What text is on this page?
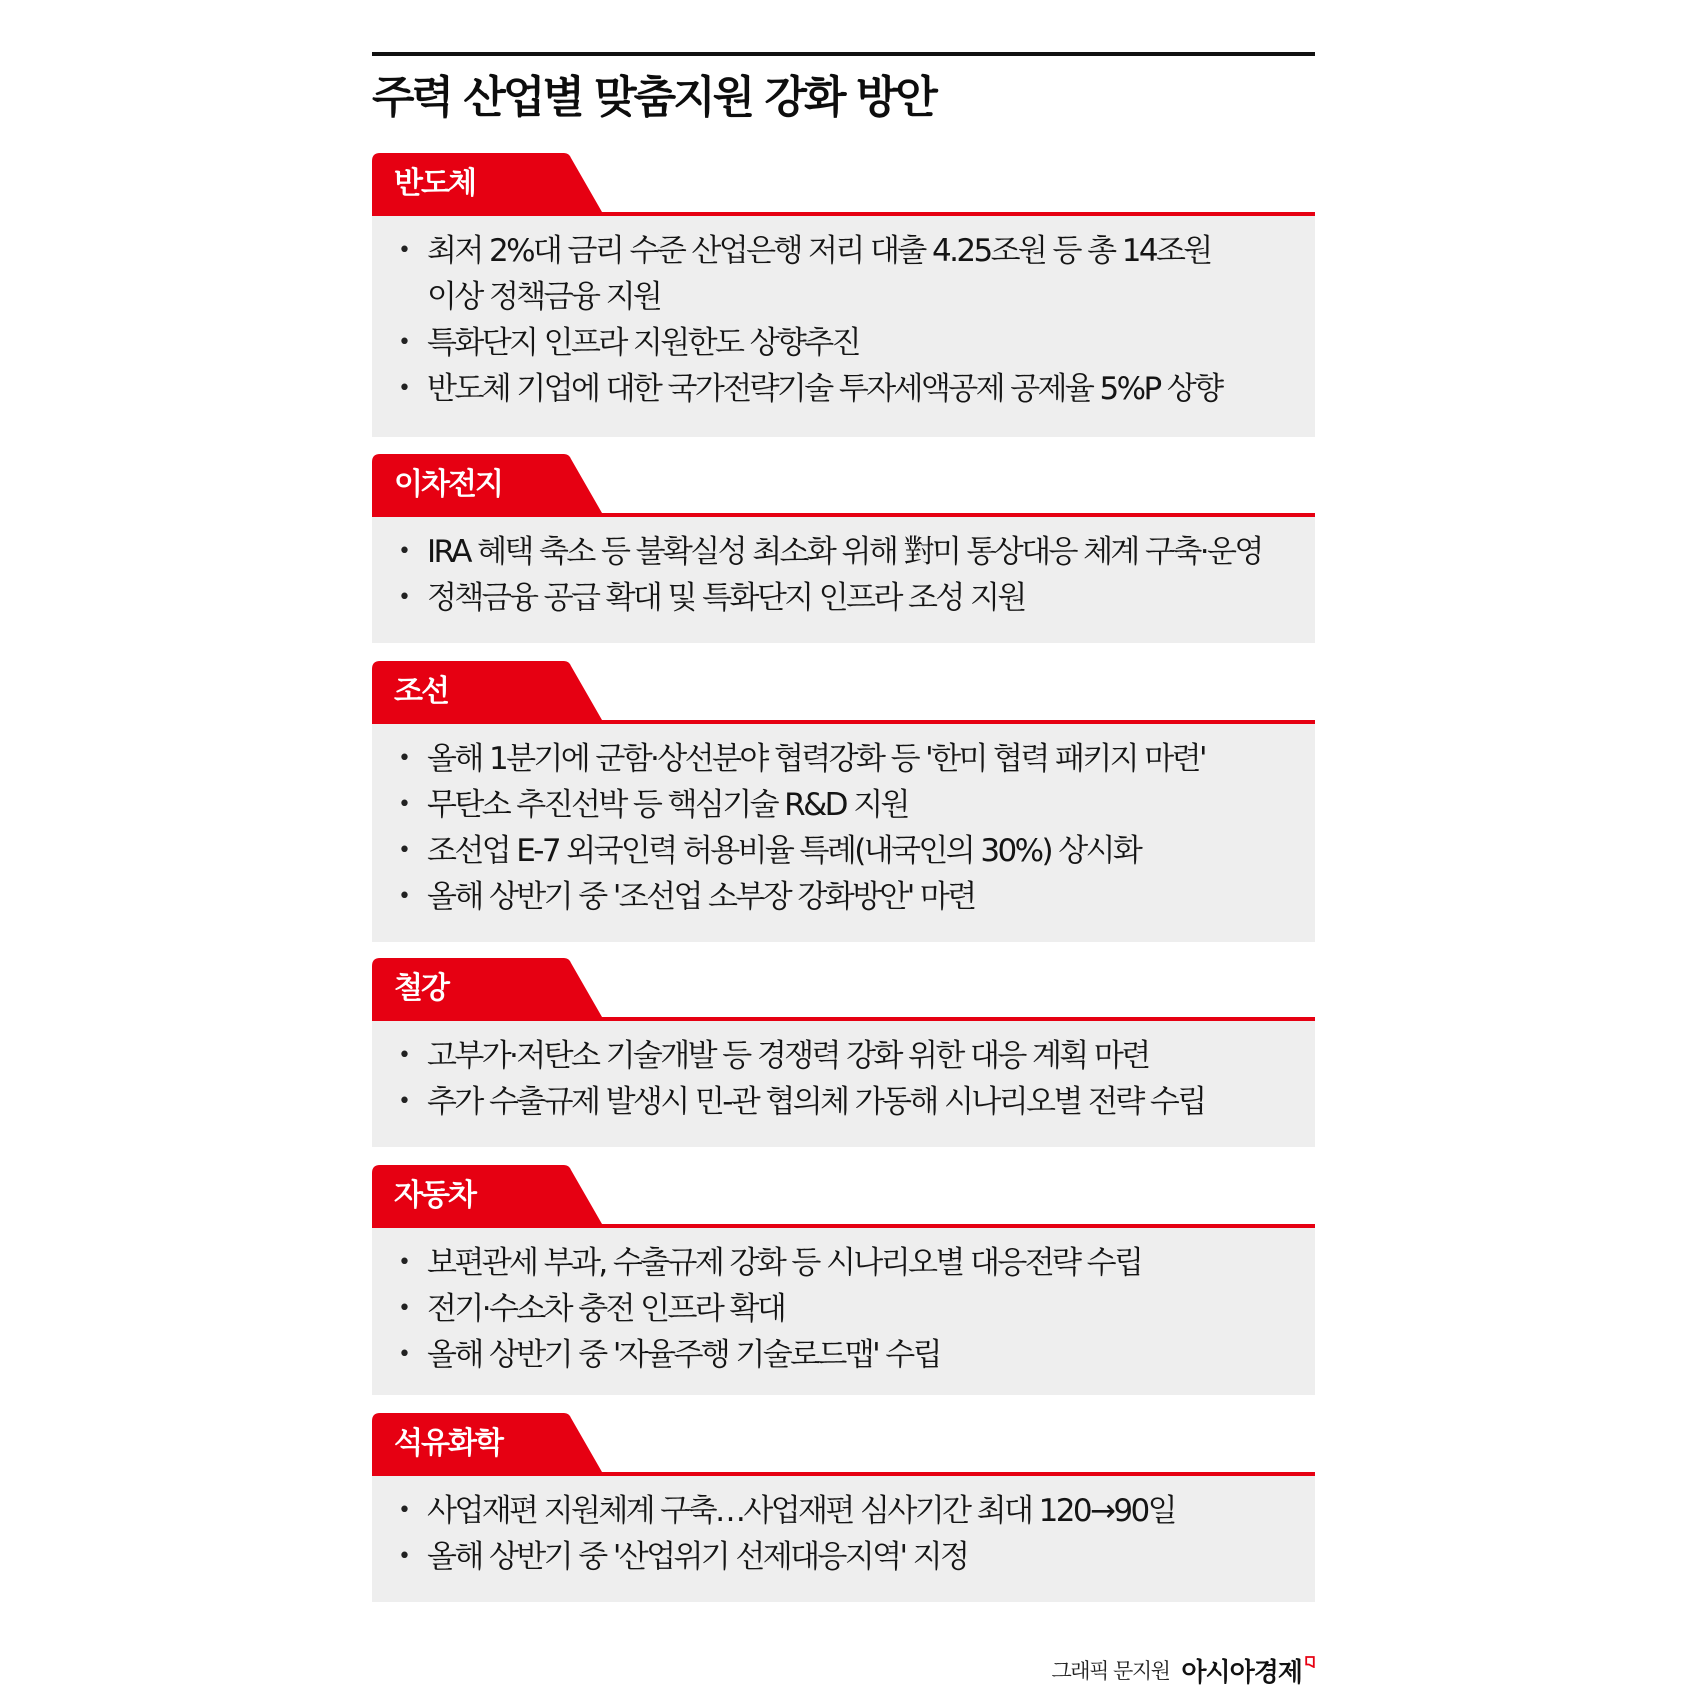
주력 산업별 맞춤지원 강화 방안
반도체
• 최저 2%대 금리 수준 산업은행 저리 대출 4.25조원 등 총 14조원
이상 정책금융 지원
• 특화단지 인프라 지원한도 상향추진
• 반도체 기업에 대한 국가전략기술 투자세액공제 공제율 5%P 상향
이차전지
• IRA 혜택 축소 등 불확실성 최소화 위해 對미 통상대응 체계 구축·운영
• 정책금융 공급 확대 및 특화단지 인프라 조성 지원
조선
• 올해 1분기에 군함·상선분야 협력강화 등 '한미 협력 패키지 마련'
• 무탄소 추진선박 등 핵심기술 R&D 지원
• 조선업 E-7 외국인력 허용비율 특례(내국인의 30%) 상시화
• 올해 상반기 중 '조선업 소부장 강화방안' 마련
철강
• 고부가·저탄소 기술개발 등 경쟁력 강화 위한 대응 계획 마련
• 추가 수출규제 발생시 민-관 협의체 가동해 시나리오별 전략 수립
자동차
• 보편관세 부과, 수출규제 강화 등 시나리오별 대응전략 수립
• 전기·수소차 충전 인프라 확대
• 올해 상반기 중 '자율주행 기술로드맵' 수립
석유화학
• 사업재편 지원체계 구축…사업재편 심사기간 최대 120→90일
• 올해 상반기 중 '산업위기 선제대응지역' 지정
그래픽 문지원 아시아경제
